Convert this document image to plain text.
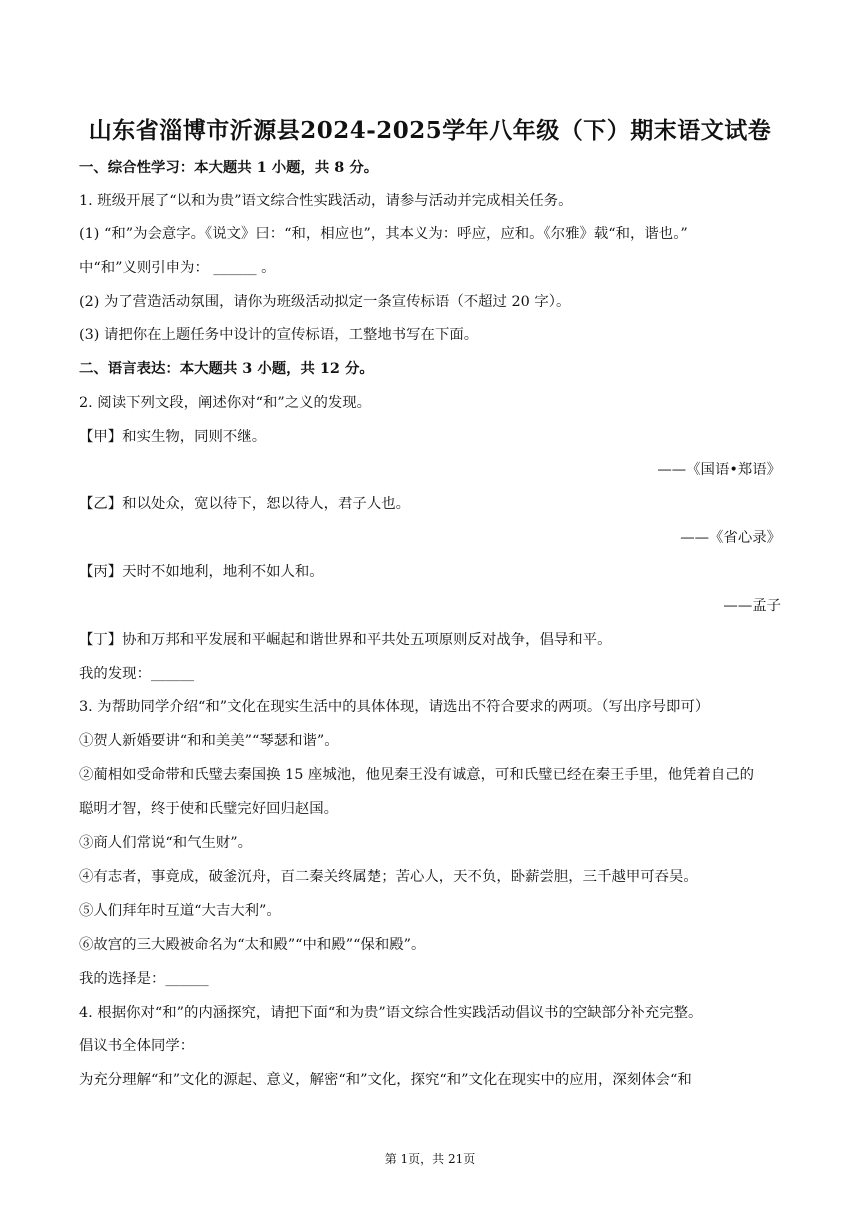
山东省淄博市沂源县2024-2025学年八年级（下）期末语文试卷
一、综合性学习：本大题共 1 小题，共 8 分。
1. 班级开展了“以和为贵”语文综合性实践活动，请参与活动并完成相关任务。
(1) “和”为会意字。《说文》曰：“和，相应也”，其本义为：呼应，应和。《尔雅》载“和，谐也。”
中“和”义则引申为： ______ 。
(2) 为了营造活动氛围，请你为班级活动拟定一条宣传标语（不超过 20 字）。
(3) 请把你在上题任务中设计的宣传标语，工整地书写在下面。
二、语言表达：本大题共 3 小题，共 12 分。
2. 阅读下列文段，阐述你对“和”之义的发现。
【甲】和实生物，同则不继。
——《国语•郑语》
【乙】和以处众，宽以待下，恕以待人，君子人也。
——《省心录》
【丙】天时不如地利，地利不如人和。
——孟子
【丁】协和万邦和平发展和平崛起和谐世界和平共处五项原则反对战争，倡导和平。
我的发现：______
3. 为帮助同学介绍“和”文化在现实生活中的具体体现，请选出不符合要求的两项。（写出序号即可）
①贺人新婚要讲“和和美美”“琴瑟和谐”。
②蔺相如受命带和氏璧去秦国换 15 座城池，他见秦王没有诚意，可和氏璧已经在秦王手里，他凭着自己的
聪明才智，终于使和氏璧完好回归赵国。
③商人们常说“和气生财”。
④有志者，事竟成，破釜沉舟，百二秦关终属楚；苦心人，天不负，卧薪尝胆，三千越甲可吞吴。
⑤人们拜年时互道“大吉大利”。
⑥故宫的三大殿被命名为“太和殿”“中和殿”“保和殿”。
我的选择是：______
4. 根据你对“和”的内涵探究，请把下面“和为贵”语文综合性实践活动倡议书的空缺部分补充完整。
倡议书全体同学：
为充分理解“和”文化的源起、意义，解密“和”文化，探究“和”文化在现实中的应用，深刻体会“和
第 1页，共 21页
